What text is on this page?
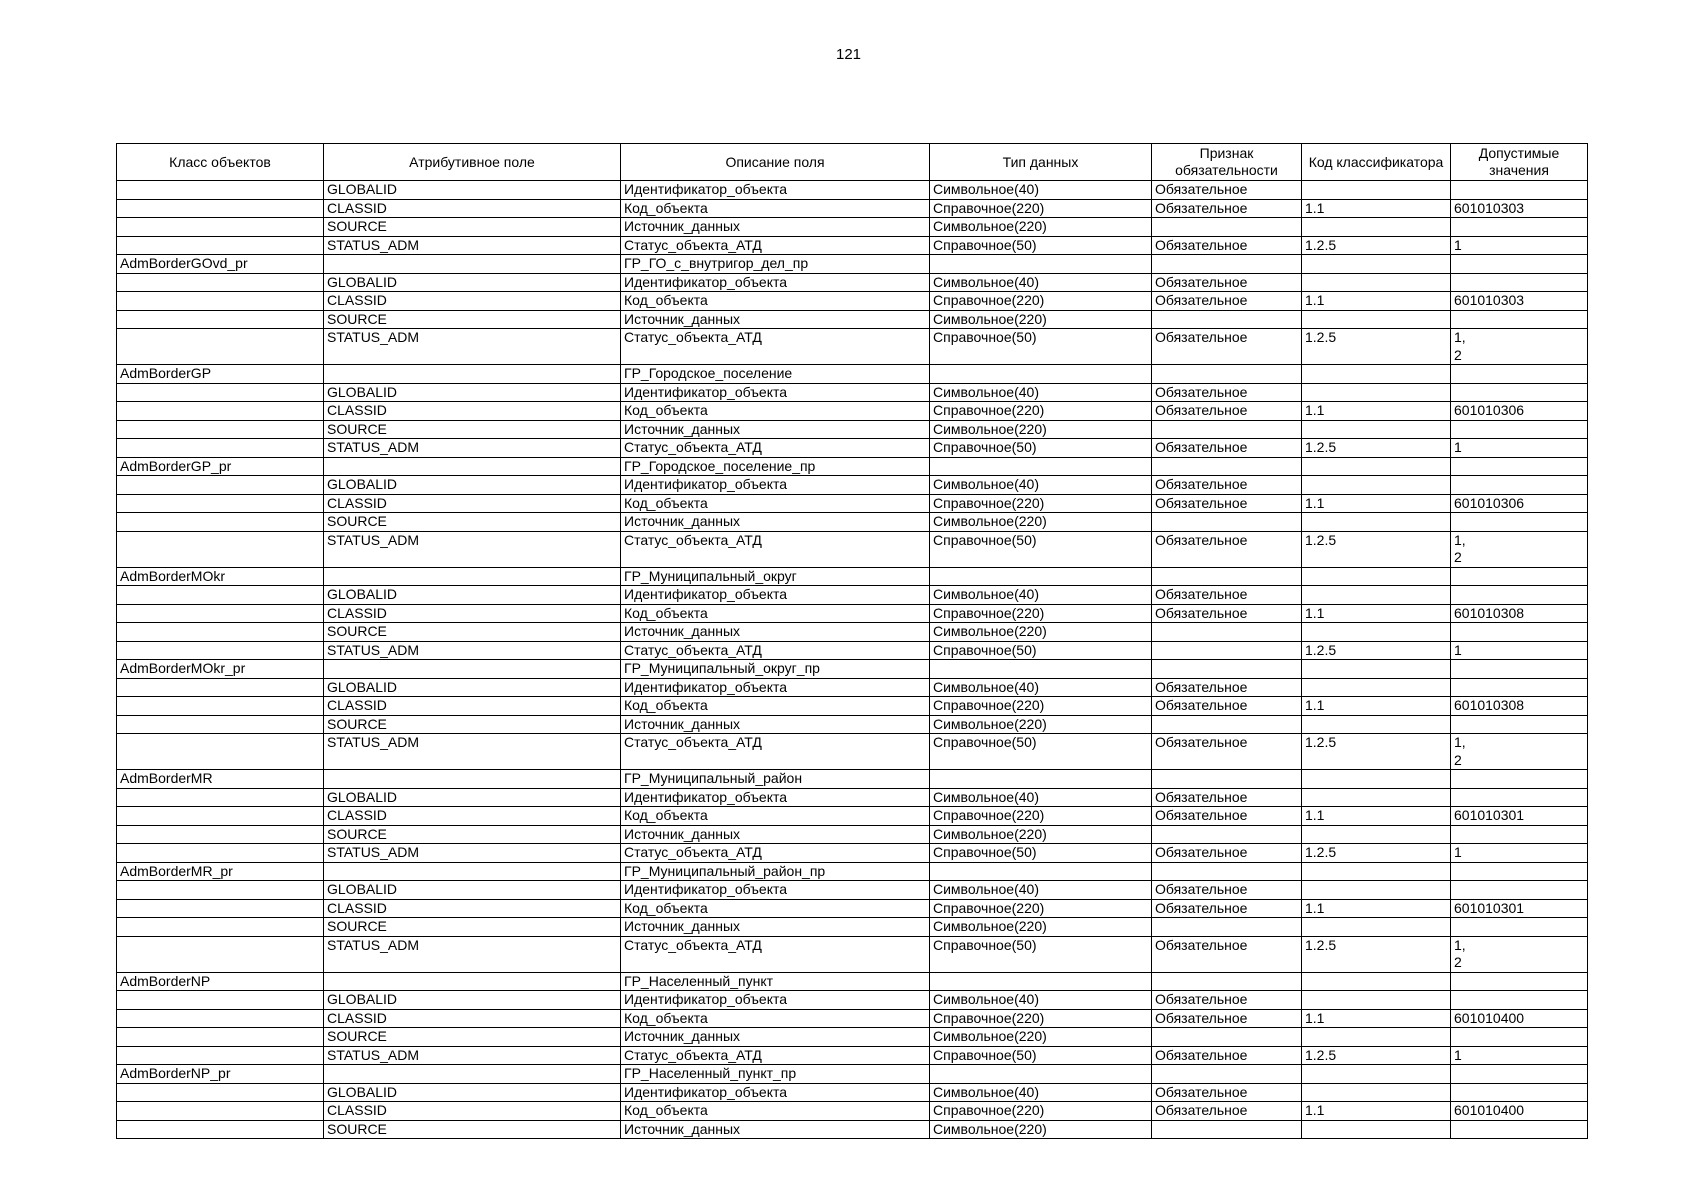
121
Класс объектов	Атрибутивное поле	Описание поля	Тип данных	Признак обязательности	Код классификатора	Допустимые значения
	GLOBALID	Идентификатор_объекта	Символьное(40)	Обязательное		
	CLASSID	Код_объекта	Справочное(220)	Обязательное	1.1	601010303
	SOURCE	Источник_данных	Символьное(220)			
	STATUS_ADM	Статус_объекта_АТД	Справочное(50)	Обязательное	1.2.5	1
AdmBorderGOvd_pr		ГР_ГО_с_внутригор_дел_пр				
	GLOBALID	Идентификатор_объекта	Символьное(40)	Обязательное		
	CLASSID	Код_объекта	Справочное(220)	Обязательное	1.1	601010303
	SOURCE	Источник_данных	Символьное(220)			
	STATUS_ADM	Статус_объекта_АТД	Справочное(50)	Обязательное	1.2.5	1,
2
AdmBorderGP		ГР_Городское_поселение				
	GLOBALID	Идентификатор_объекта	Символьное(40)	Обязательное		
	CLASSID	Код_объекта	Справочное(220)	Обязательное	1.1	601010306
	SOURCE	Источник_данных	Символьное(220)			
	STATUS_ADM	Статус_объекта_АТД	Справочное(50)	Обязательное	1.2.5	1
AdmBorderGP_pr		ГР_Городское_поселение_пр				
	GLOBALID	Идентификатор_объекта	Символьное(40)	Обязательное		
	CLASSID	Код_объекта	Справочное(220)	Обязательное	1.1	601010306
	SOURCE	Источник_данных	Символьное(220)			
	STATUS_ADM	Статус_объекта_АТД	Справочное(50)	Обязательное	1.2.5	1,
2
AdmBorderMOkr		ГР_Муниципальный_округ				
	GLOBALID	Идентификатор_объекта	Символьное(40)	Обязательное		
	CLASSID	Код_объекта	Справочное(220)	Обязательное	1.1	601010308
	SOURCE	Источник_данных	Символьное(220)			
	STATUS_ADM	Статус_объекта_АТД	Справочное(50)		1.2.5	1
AdmBorderMOkr_pr		ГР_Муниципальный_округ_пр				
	GLOBALID	Идентификатор_объекта	Символьное(40)	Обязательное		
	CLASSID	Код_объекта	Справочное(220)	Обязательное	1.1	601010308
	SOURCE	Источник_данных	Символьное(220)			
	STATUS_ADM	Статус_объекта_АТД	Справочное(50)	Обязательное	1.2.5	1,
2
AdmBorderMR		ГР_Муниципальный_район				
	GLOBALID	Идентификатор_объекта	Символьное(40)	Обязательное		
	CLASSID	Код_объекта	Справочное(220)	Обязательное	1.1	601010301
	SOURCE	Источник_данных	Символьное(220)			
	STATUS_ADM	Статус_объекта_АТД	Справочное(50)	Обязательное	1.2.5	1
AdmBorderMR_pr		ГР_Муниципальный_район_пр				
	GLOBALID	Идентификатор_объекта	Символьное(40)	Обязательное		
	CLASSID	Код_объекта	Справочное(220)	Обязательное	1.1	601010301
	SOURCE	Источник_данных	Символьное(220)			
	STATUS_ADM	Статус_объекта_АТД	Справочное(50)	Обязательное	1.2.5	1,
2
AdmBorderNP		ГР_Населенный_пункт				
	GLOBALID	Идентификатор_объекта	Символьное(40)	Обязательное		
	CLASSID	Код_объекта	Справочное(220)	Обязательное	1.1	601010400
	SOURCE	Источник_данных	Символьное(220)			
	STATUS_ADM	Статус_объекта_АТД	Справочное(50)	Обязательное	1.2.5	1
AdmBorderNP_pr		ГР_Населенный_пункт_пр				
	GLOBALID	Идентификатор_объекта	Символьное(40)	Обязательное		
	CLASSID	Код_объекта	Справочное(220)	Обязательное	1.1	601010400
	SOURCE	Источник_данных	Символьное(220)			
